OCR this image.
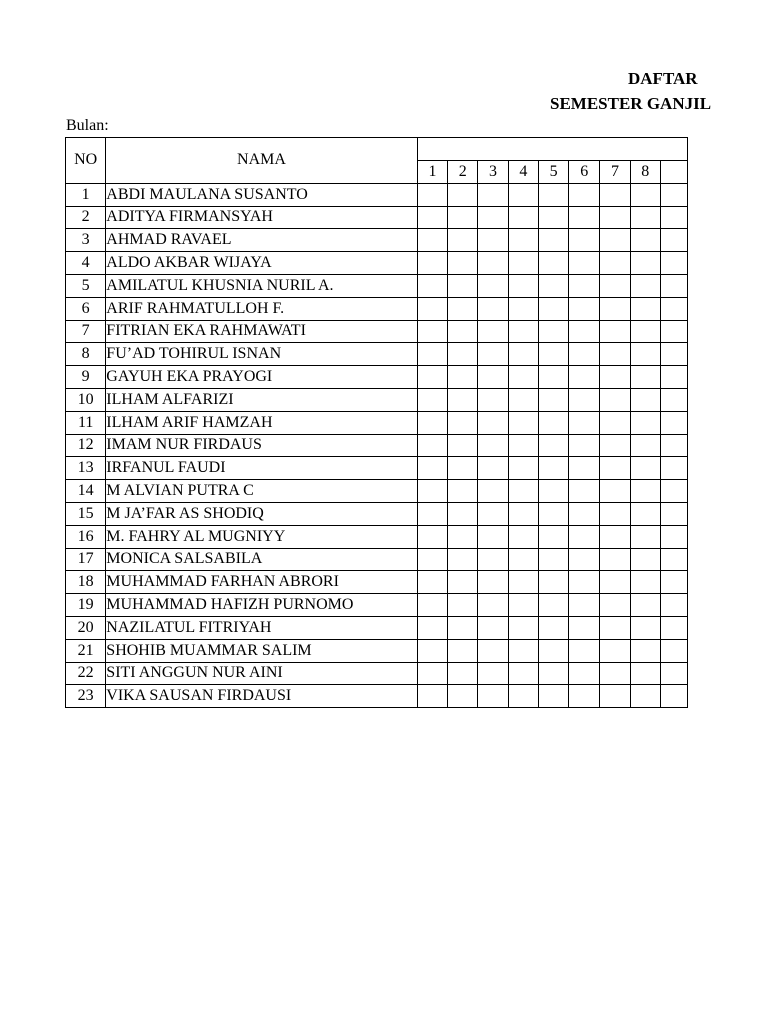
DAFTAR
SEMESTER GANJIL
Bulan:
NO	NAMA									
		1	2	3	4	5	6	7	8	
1	ABDI MAULANA SUSANTO									
2	ADITYA FIRMANSYAH									
3	AHMAD RAVAEL									
4	ALDO AKBAR WIJAYA									
5	AMILATUL KHUSNIA NURIL A.									
6	ARIF RAHMATULLOH F.									
7	FITRIAN EKA RAHMAWATI									
8	FU’AD TOHIRUL ISNAN									
9	GAYUH EKA PRAYOGI									
10	ILHAM ALFARIZI									
11	ILHAM ARIF HAMZAH									
12	IMAM NUR FIRDAUS									
13	IRFANUL FAUDI									
14	M ALVIAN PUTRA C									
15	M JA’FAR AS SHODIQ									
16	M. FAHRY AL MUGNIYY									
17	MONICA SALSABILA									
18	MUHAMMAD FARHAN ABRORI									
19	MUHAMMAD HAFIZH PURNOMO									
20	NAZILATUL FITRIYAH									
21	SHOHIB MUAMMAR SALIM									
22	SITI ANGGUN NUR AINI									
23	VIKA SAUSAN FIRDAUSI									
